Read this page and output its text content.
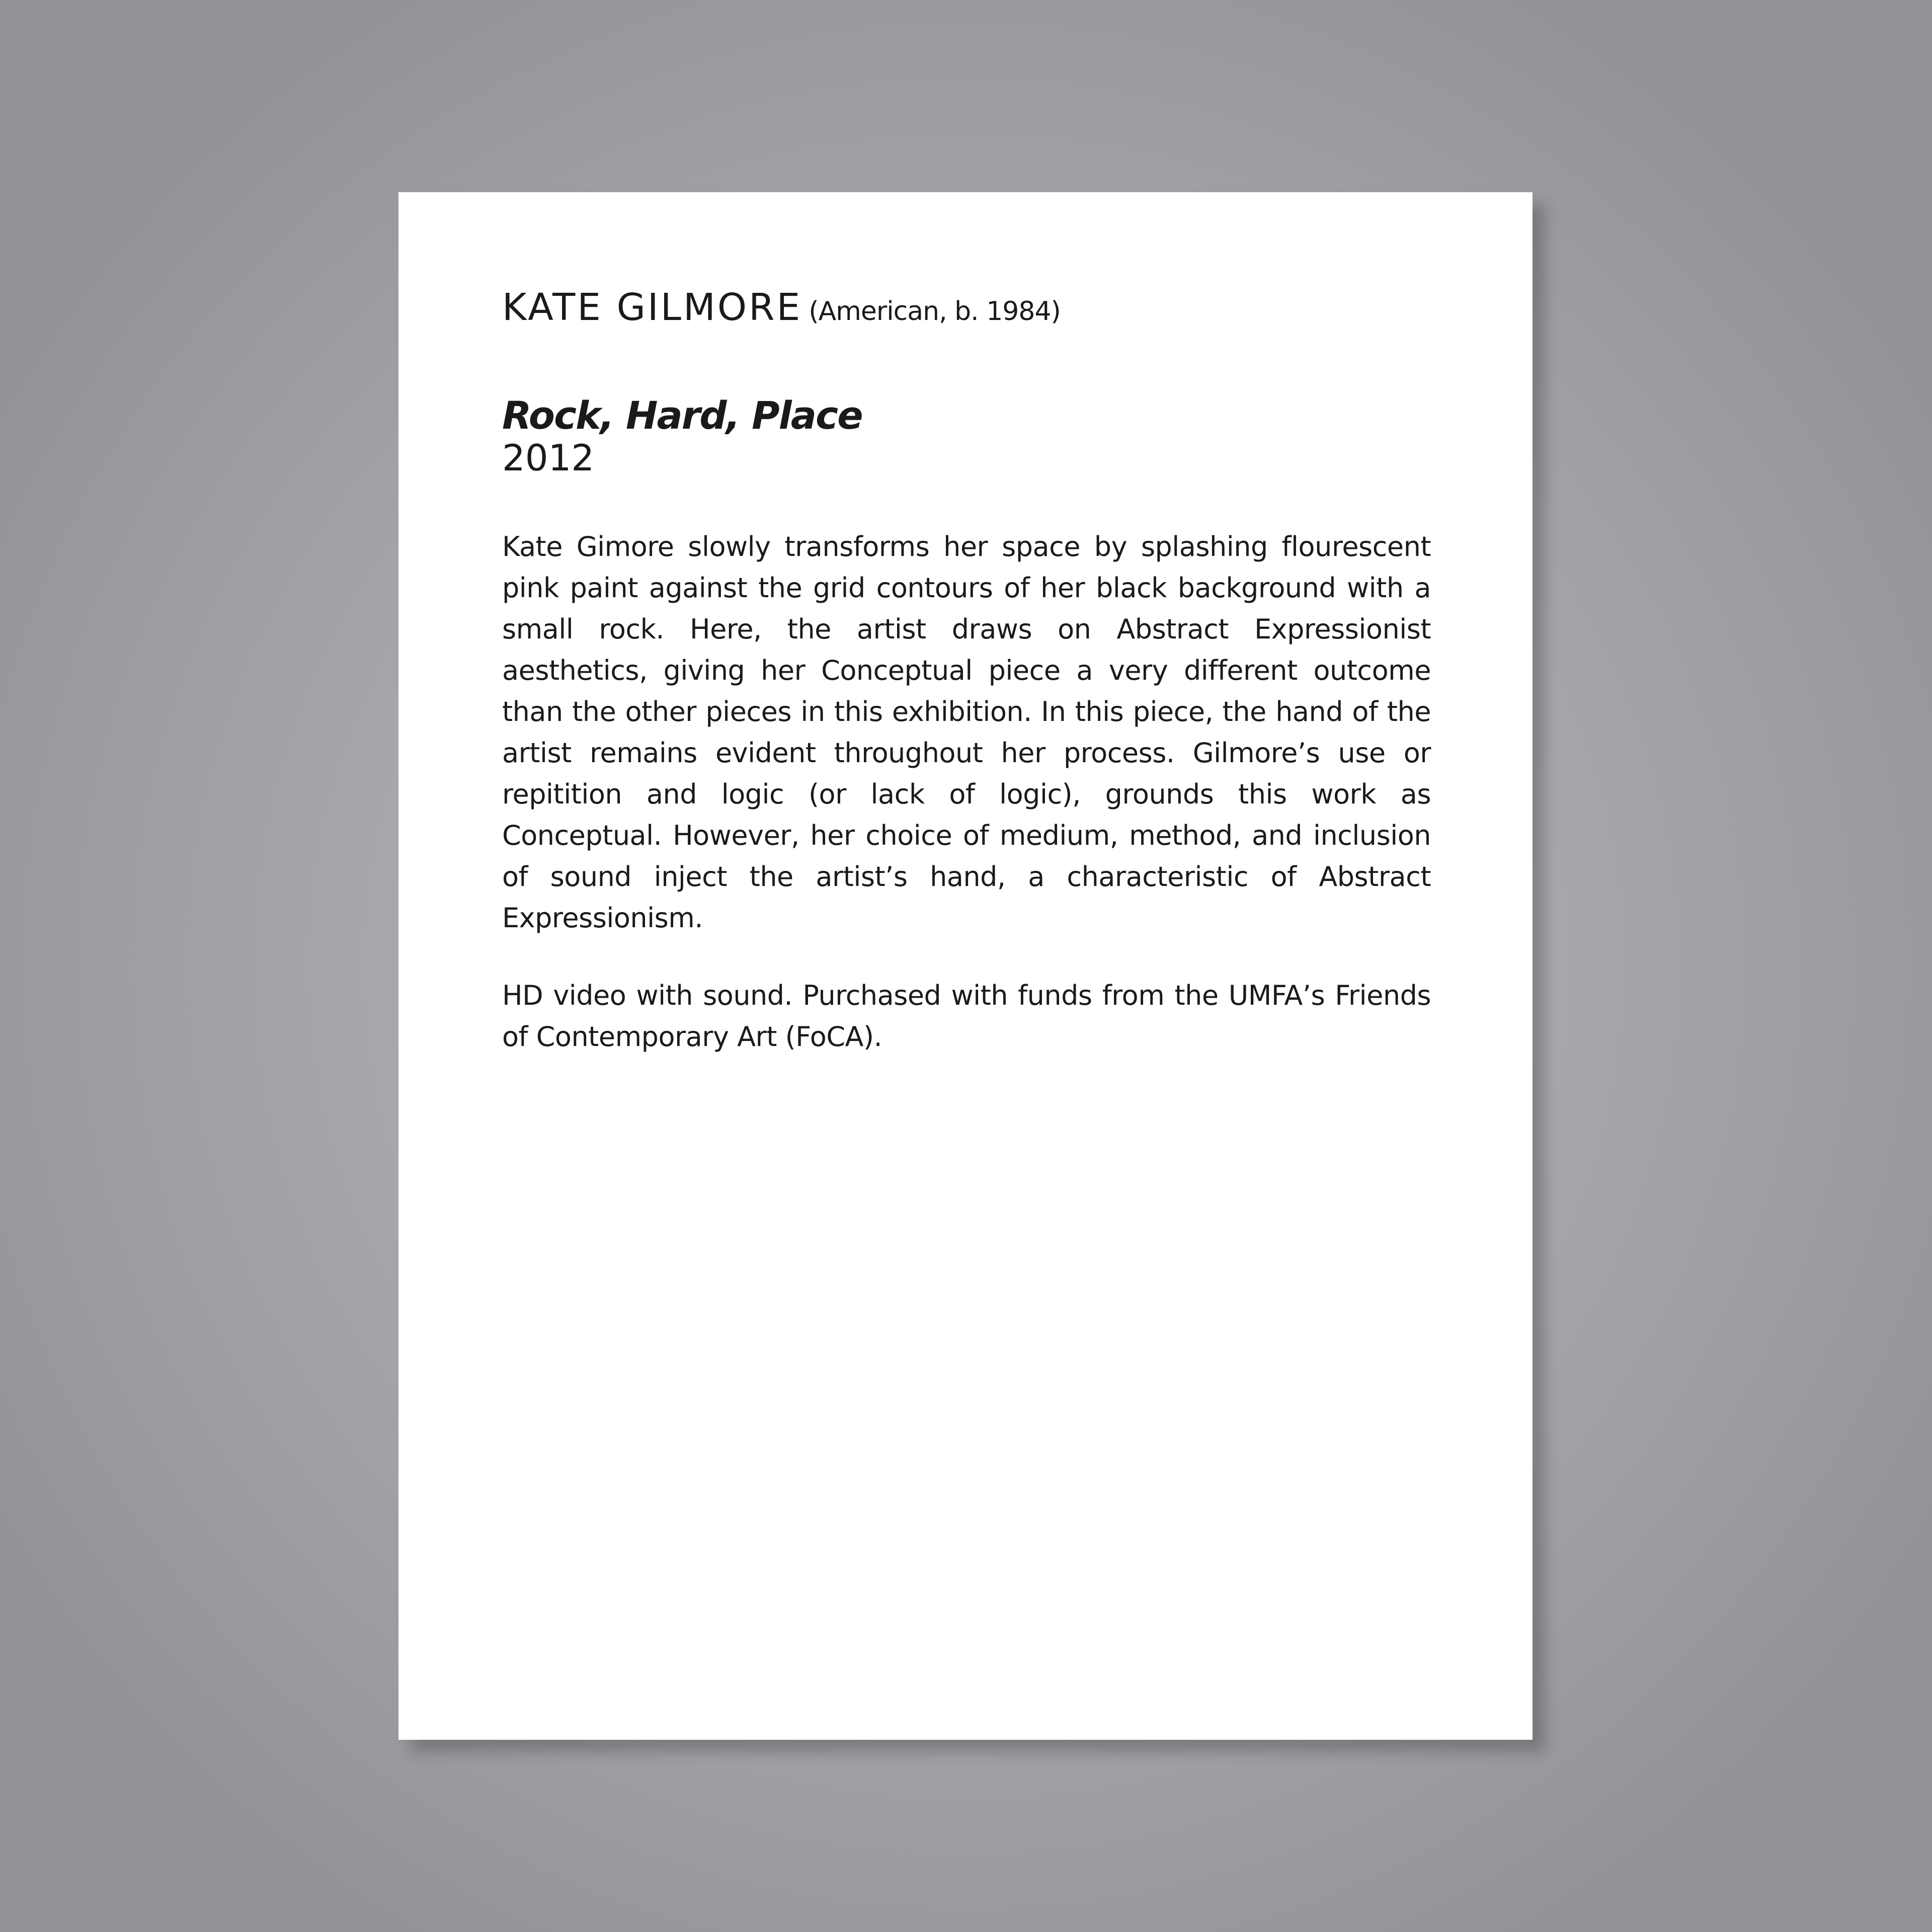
KATE GILMORE (American, b. 1984)

Rock, Hard, Place

2012

Kate Gimore slowly transforms her space by splashing flourescent pink paint against the grid contours of her black background with a small rock. Here, the artist draws on Abstract Expressionist aesthetics, giving her Conceptual piece a very different outcome than the other pieces in this exhibition. In this piece, the hand of the artist remains evident throughout her process. Gilmore’s use or repitition and logic (or lack of logic), grounds this work as Conceptual. However, her choice of medium, method, and inclusion of sound inject the artist’s hand, a characteristic of Abstract Expressionism.

HD video with sound. Purchased with funds from the UMFA’s Friends of Contemporary Art (FoCA).
